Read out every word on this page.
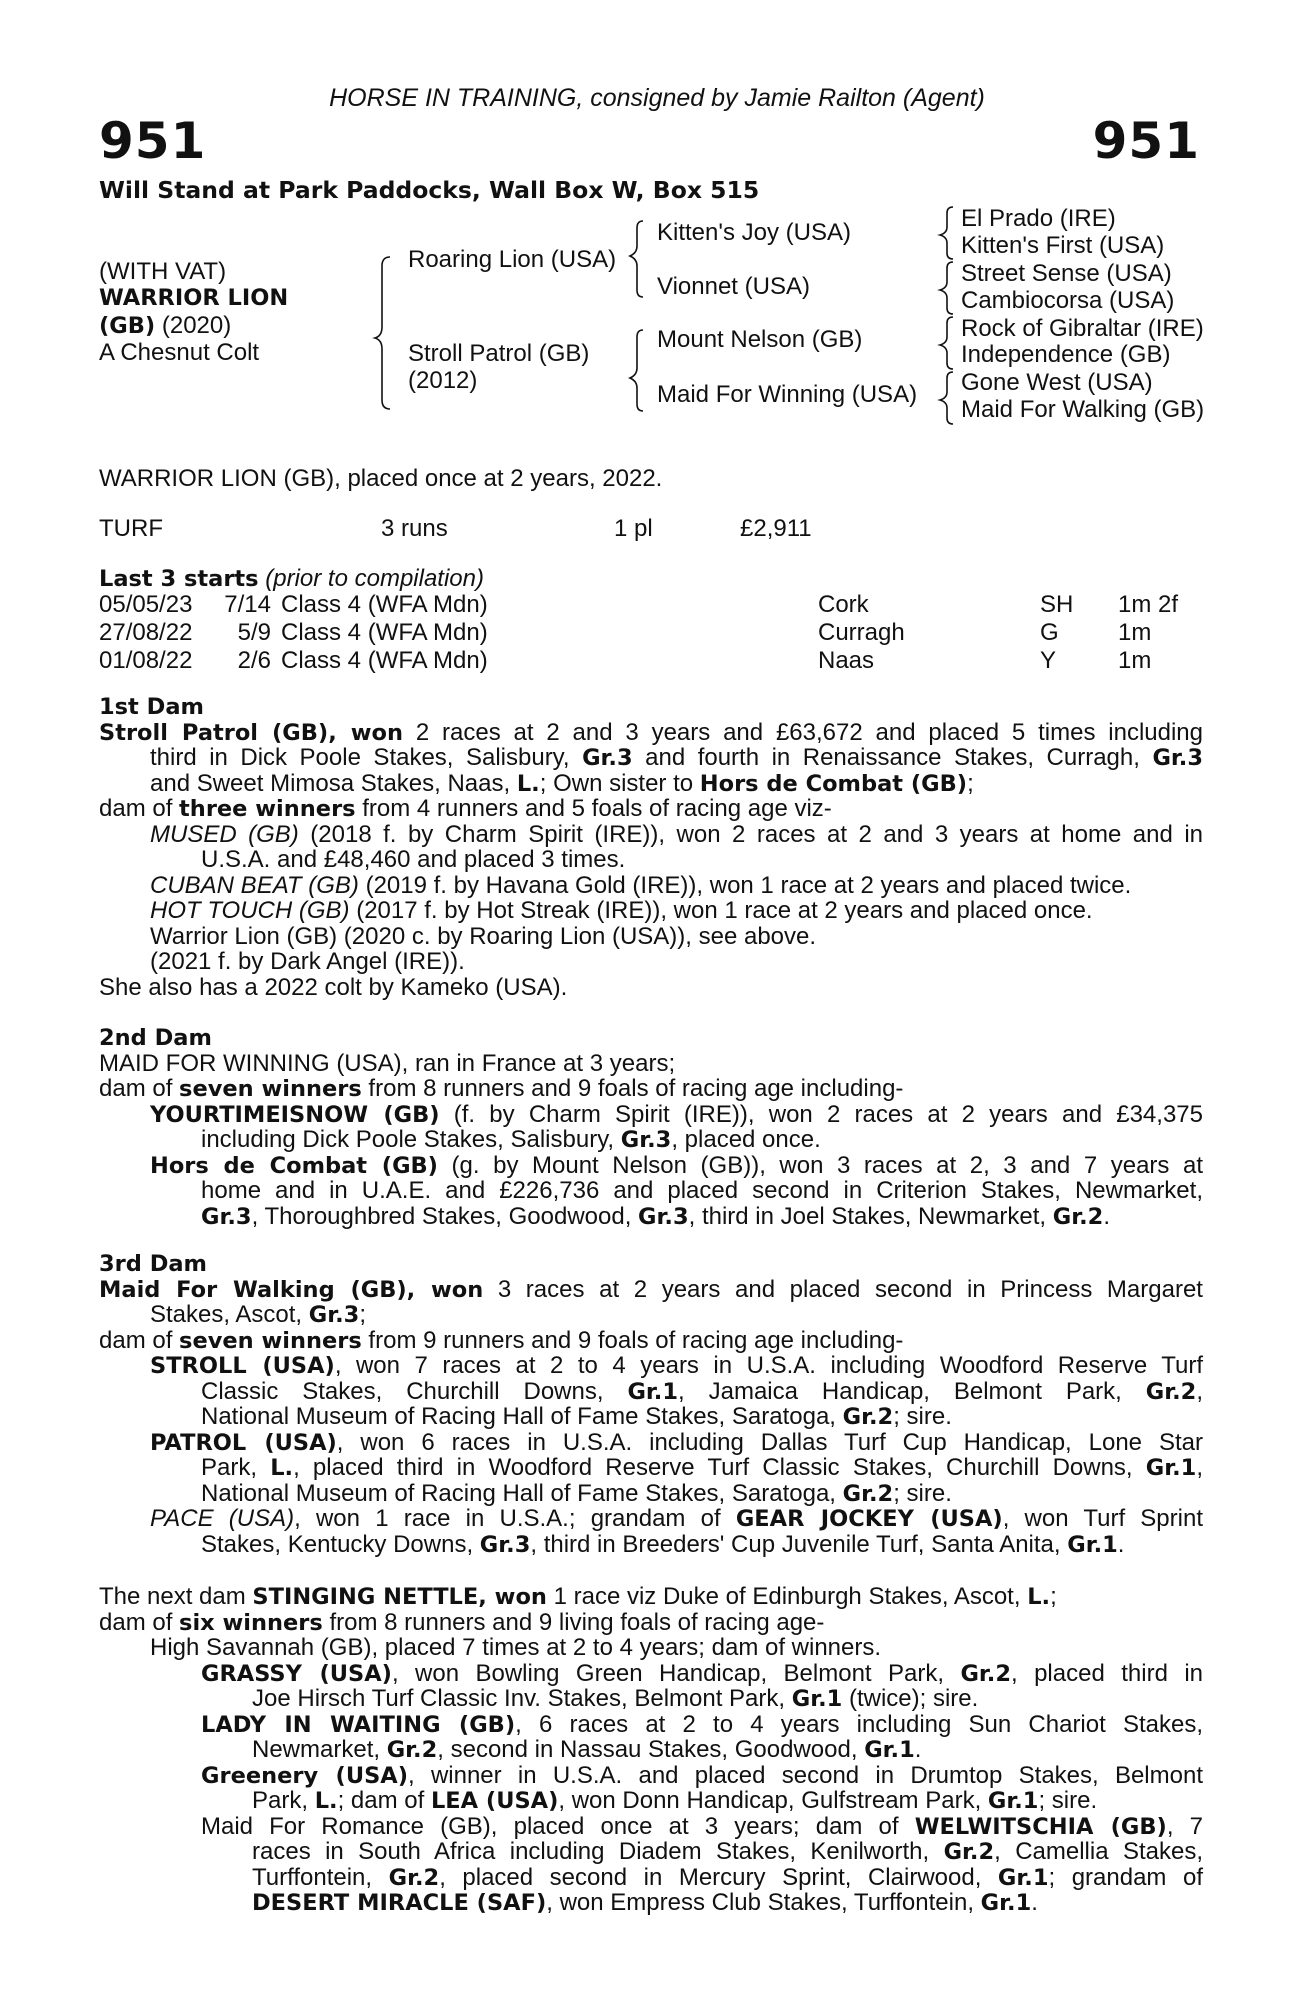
HORSE IN TRAINING, consigned by Jamie Railton (Agent)
951	951
Will Stand at Park Paddocks, Wall Box W, Box 515
(WITH VAT)
WARRIOR LION
(GB) (2020)
A Chesnut Colt
Roaring Lion (USA)
Stroll Patrol (GB)
(2012)
Kitten's Joy (USA)
Vionnet (USA)
Mount Nelson (GB)
Maid For Winning (USA)
El Prado (IRE)
Kitten's First (USA)
Street Sense (USA)
Cambiocorsa (USA)
Rock of Gibraltar (IRE)
Independence (GB)
Gone West (USA)
Maid For Walking (GB)
WARRIOR LION (GB), placed once at 2 years, 2022.
TURF	3 runs	1 pl	£2,911
Last 3 starts (prior to compilation)
05/05/23	7/14	Class 4 (WFA Mdn)	Cork	SH	1m 2f
27/08/22	5/9	Class 4 (WFA Mdn)	Curragh	G	1m
01/08/22	2/6	Class 4 (WFA Mdn)	Naas	Y	1m
1st Dam
Stroll Patrol (GB), won 2 races at 2 and 3 years and £63,672 and placed 5 times including
third in Dick Poole Stakes, Salisbury, Gr.3 and fourth in Renaissance Stakes, Curragh, Gr.3
and Sweet Mimosa Stakes, Naas, L.; Own sister to Hors de Combat (GB);
dam of three winners from 4 runners and 5 foals of racing age viz-
MUSED (GB) (2018 f. by Charm Spirit (IRE)), won 2 races at 2 and 3 years at home and in
U.S.A. and £48,460 and placed 3 times.
CUBAN BEAT (GB) (2019 f. by Havana Gold (IRE)), won 1 race at 2 years and placed twice.
HOT TOUCH (GB) (2017 f. by Hot Streak (IRE)), won 1 race at 2 years and placed once.
Warrior Lion (GB) (2020 c. by Roaring Lion (USA)), see above.
(2021 f. by Dark Angel (IRE)).
She also has a 2022 colt by Kameko (USA).
2nd Dam
MAID FOR WINNING (USA), ran in France at 3 years;
dam of seven winners from 8 runners and 9 foals of racing age including-
YOURTIMEISNOW (GB) (f. by Charm Spirit (IRE)), won 2 races at 2 years and £34,375
including Dick Poole Stakes, Salisbury, Gr.3, placed once.
Hors de Combat (GB) (g. by Mount Nelson (GB)), won 3 races at 2, 3 and 7 years at
home and in U.A.E. and £226,736 and placed second in Criterion Stakes, Newmarket,
Gr.3, Thoroughbred Stakes, Goodwood, Gr.3, third in Joel Stakes, Newmarket, Gr.2.
3rd Dam
Maid For Walking (GB), won 3 races at 2 years and placed second in Princess Margaret
Stakes, Ascot, Gr.3;
dam of seven winners from 9 runners and 9 foals of racing age including-
STROLL (USA), won 7 races at 2 to 4 years in U.S.A. including Woodford Reserve Turf
Classic Stakes, Churchill Downs, Gr.1, Jamaica Handicap, Belmont Park, Gr.2,
National Museum of Racing Hall of Fame Stakes, Saratoga, Gr.2; sire.
PATROL (USA), won 6 races in U.S.A. including Dallas Turf Cup Handicap, Lone Star
Park, L., placed third in Woodford Reserve Turf Classic Stakes, Churchill Downs, Gr.1,
National Museum of Racing Hall of Fame Stakes, Saratoga, Gr.2; sire.
PACE (USA), won 1 race in U.S.A.; grandam of GEAR JOCKEY (USA), won Turf Sprint
Stakes, Kentucky Downs, Gr.3, third in Breeders' Cup Juvenile Turf, Santa Anita, Gr.1.
The next dam STINGING NETTLE, won 1 race viz Duke of Edinburgh Stakes, Ascot, L.;
dam of six winners from 8 runners and 9 living foals of racing age-
High Savannah (GB), placed 7 times at 2 to 4 years; dam of winners.
GRASSY (USA), won Bowling Green Handicap, Belmont Park, Gr.2, placed third in
Joe Hirsch Turf Classic Inv. Stakes, Belmont Park, Gr.1 (twice); sire.
LADY IN WAITING (GB), 6 races at 2 to 4 years including Sun Chariot Stakes,
Newmarket, Gr.2, second in Nassau Stakes, Goodwood, Gr.1.
Greenery (USA), winner in U.S.A. and placed second in Drumtop Stakes, Belmont
Park, L.; dam of LEA (USA), won Donn Handicap, Gulfstream Park, Gr.1; sire.
Maid For Romance (GB), placed once at 3 years; dam of WELWITSCHIA (GB), 7
races in South Africa including Diadem Stakes, Kenilworth, Gr.2, Camellia Stakes,
Turffontein, Gr.2, placed second in Mercury Sprint, Clairwood, Gr.1; grandam of
DESERT MIRACLE (SAF), won Empress Club Stakes, Turffontein, Gr.1.
